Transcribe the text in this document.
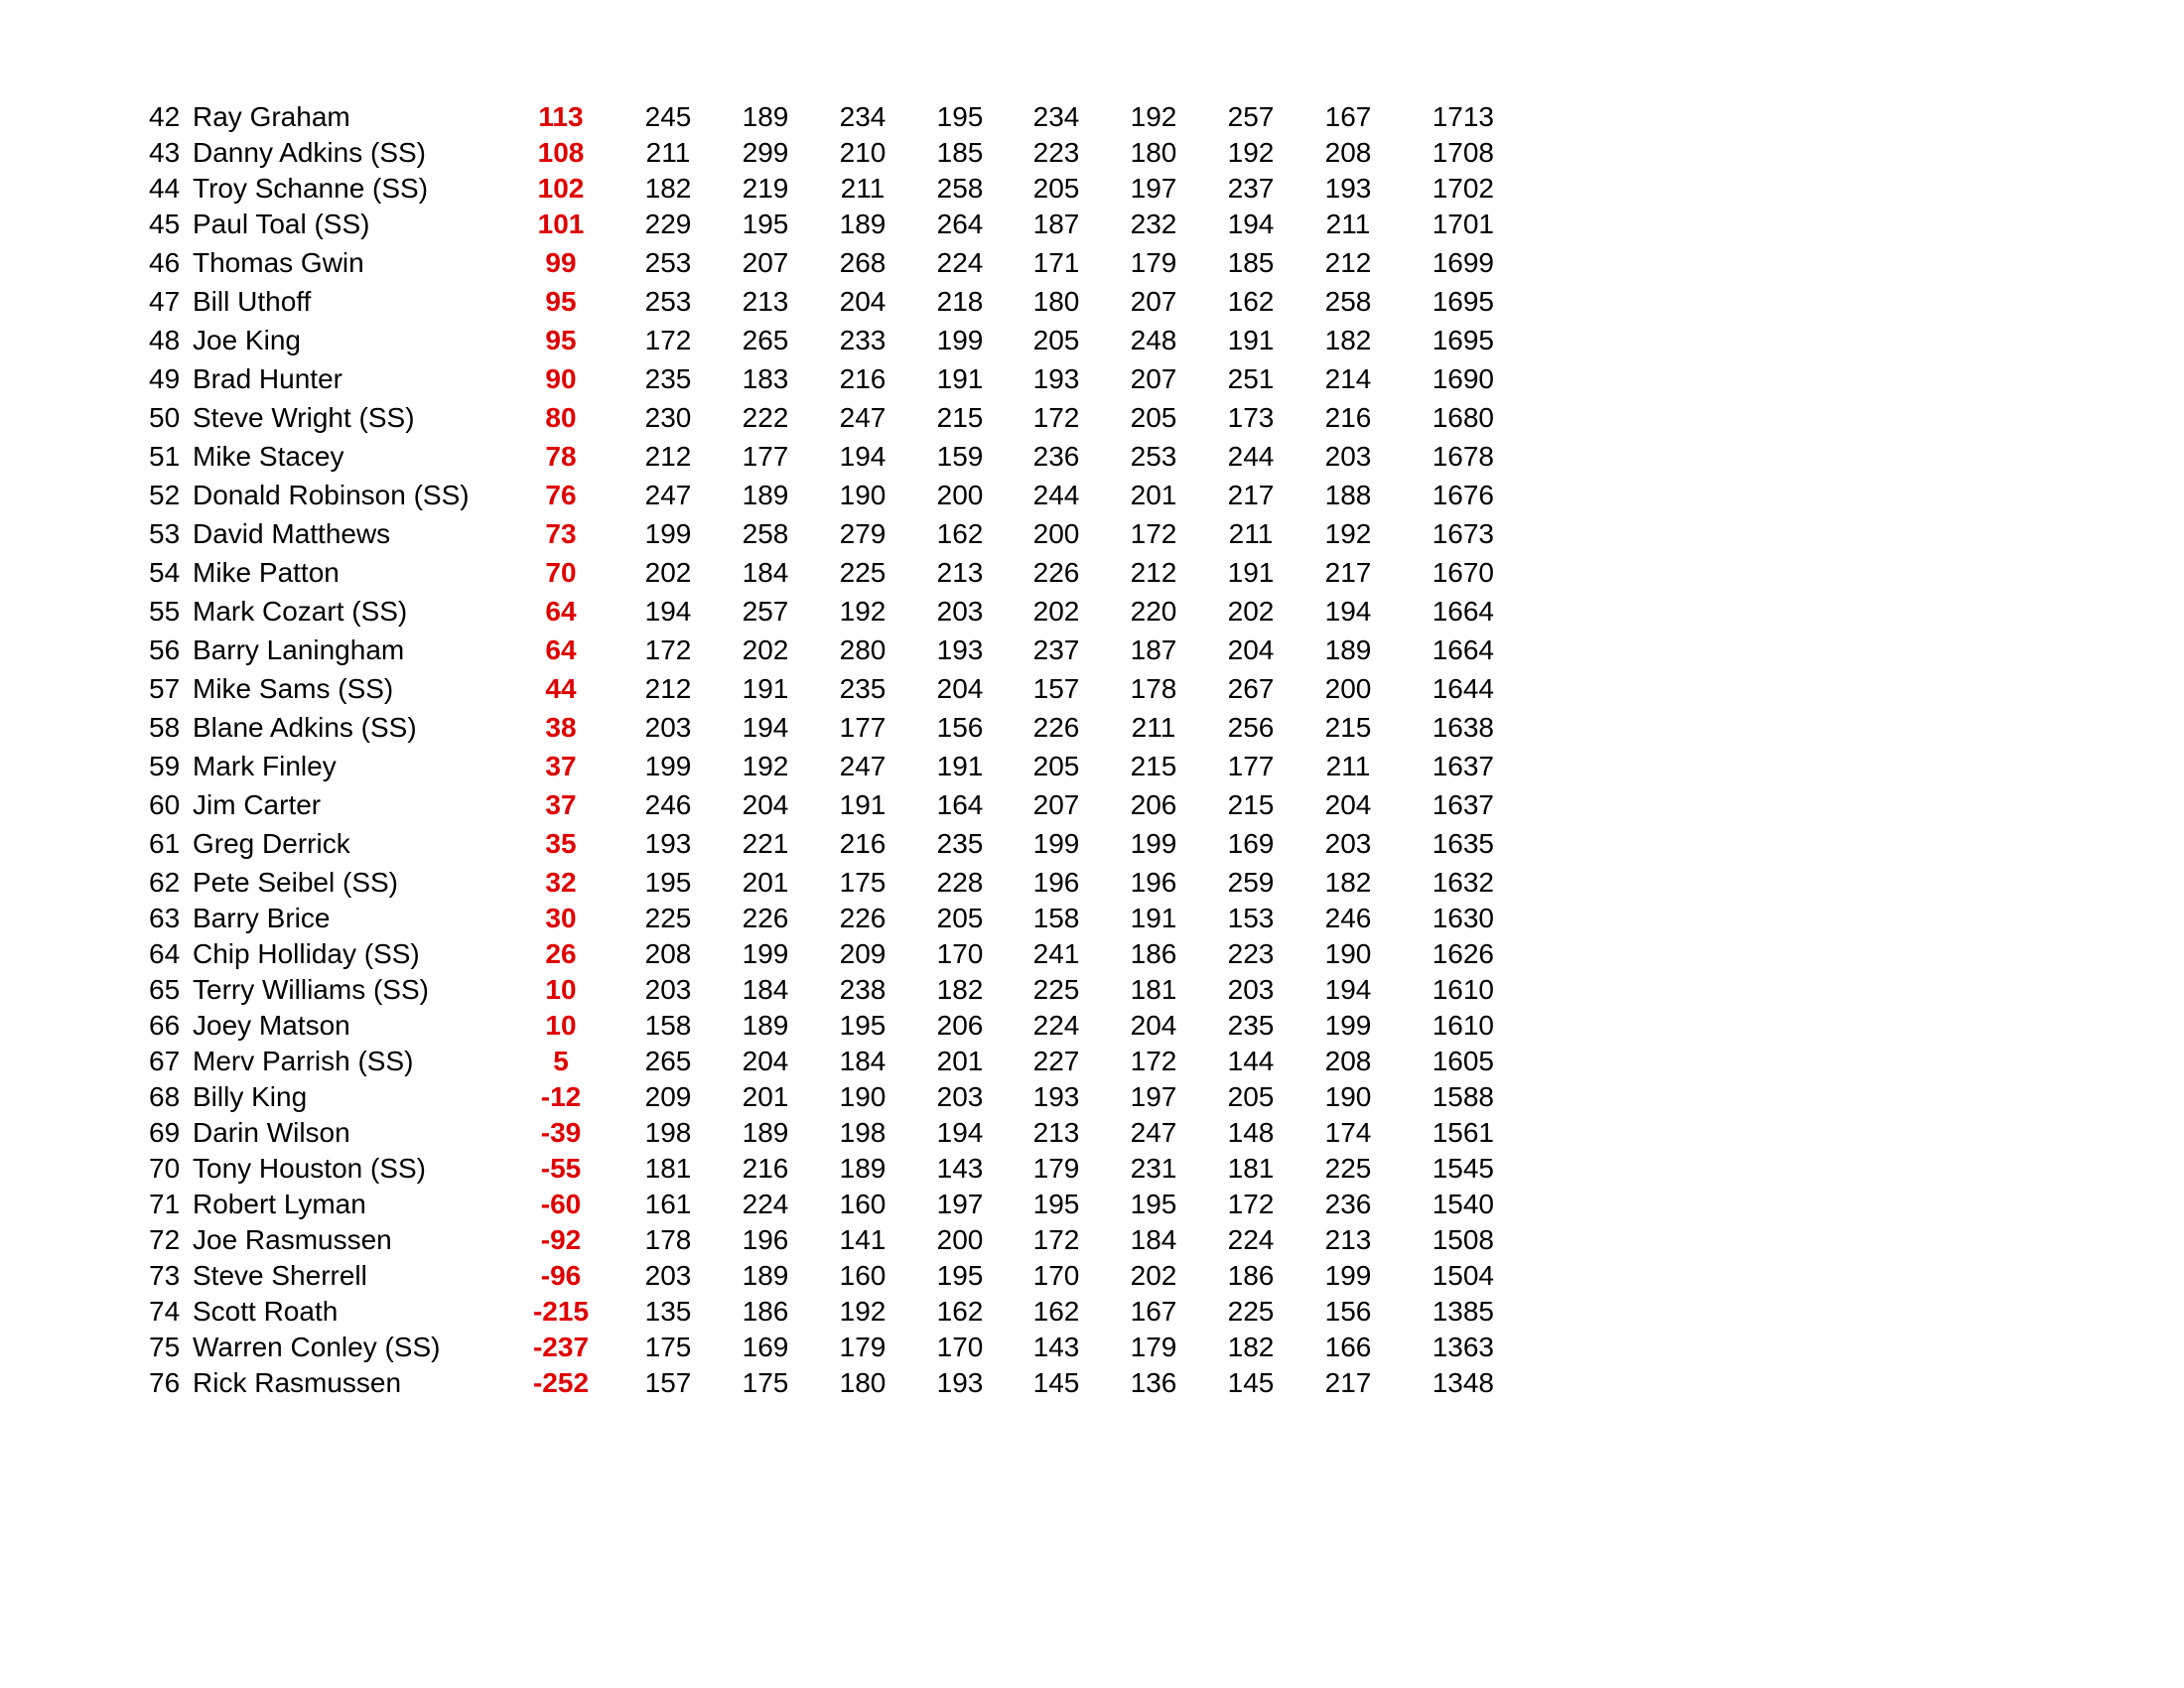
42 Ray Graham	113	245 189 234 195 234 192 257 167	1713
43 Danny Adkins (SS)	108	211 299 210 185 223 180 192 208	1708
44 Troy Schanne (SS)	102	182 219 211 258 205 197 237 193	1702
45 Paul Toal (SS)	101	229 195 189 264 187 232 194 211	1701
46 Thomas Gwin	99	253 207 268 224 171 179 185 212	1699
47 Bill Uthoff	95	253 213 204 218 180 207 162 258	1695
48 Joe King	95	172 265 233 199 205 248 191 182	1695
49 Brad Hunter	90	235 183 216 191 193 207 251 214	1690
50 Steve Wright (SS)	80	230 222 247 215 172 205 173 216	1680
51 Mike Stacey	78	212 177 194 159 236 253 244 203	1678
52 Donald Robinson (SS)	76	247 189 190 200 244 201 217 188	1676
53 David Matthews	73	199 258 279 162 200 172 211 192	1673
54 Mike Patton	70	202 184 225 213 226 212 191 217	1670
55 Mark Cozart (SS)	64	194 257 192 203 202 220 202 194	1664
56 Barry Laningham	64	172 202 280 193 237 187 204 189	1664
57 Mike Sams (SS)	44	212 191 235 204 157 178 267 200	1644
58 Blane Adkins (SS)	38	203 194 177 156 226 211 256 215	1638
59 Mark Finley	37	199 192 247 191 205 215 177 211	1637
60 Jim Carter	37	246 204 191 164 207 206 215 204	1637
61 Greg Derrick	35	193 221 216 235 199 199 169 203	1635
62 Pete Seibel (SS)	32	195 201 175 228 196 196 259 182	1632
63 Barry Brice	30	225 226 226 205 158 191 153 246	1630
64 Chip Holliday (SS)	26	208 199 209 170 241 186 223 190	1626
65 Terry Williams (SS)	10	203 184 238 182 225 181 203 194	1610
66 Joey Matson	10	158 189 195 206 224 204 235 199	1610
67 Merv Parrish (SS)	5	265 204 184 201 227 172 144 208	1605
68 Billy King	-12	209 201 190 203 193 197 205 190	1588
69 Darin Wilson	-39	198 189 198 194 213 247 148 174	1561
70 Tony Houston (SS)	-55	181 216 189 143 179 231 181 225	1545
71 Robert Lyman	-60	161 224 160 197 195 195 172 236	1540
72 Joe Rasmussen	-92	178 196 141 200 172 184 224 213	1508
73 Steve Sherrell	-96	203 189 160 195 170 202 186 199	1504
74 Scott Roath	-215	135 186 192 162 162 167 225 156	1385
75 Warren Conley (SS)	-237	175 169 179 170 143 179 182 166	1363
76 Rick Rasmussen	-252	157 175 180 193 145 136 145 217	1348
